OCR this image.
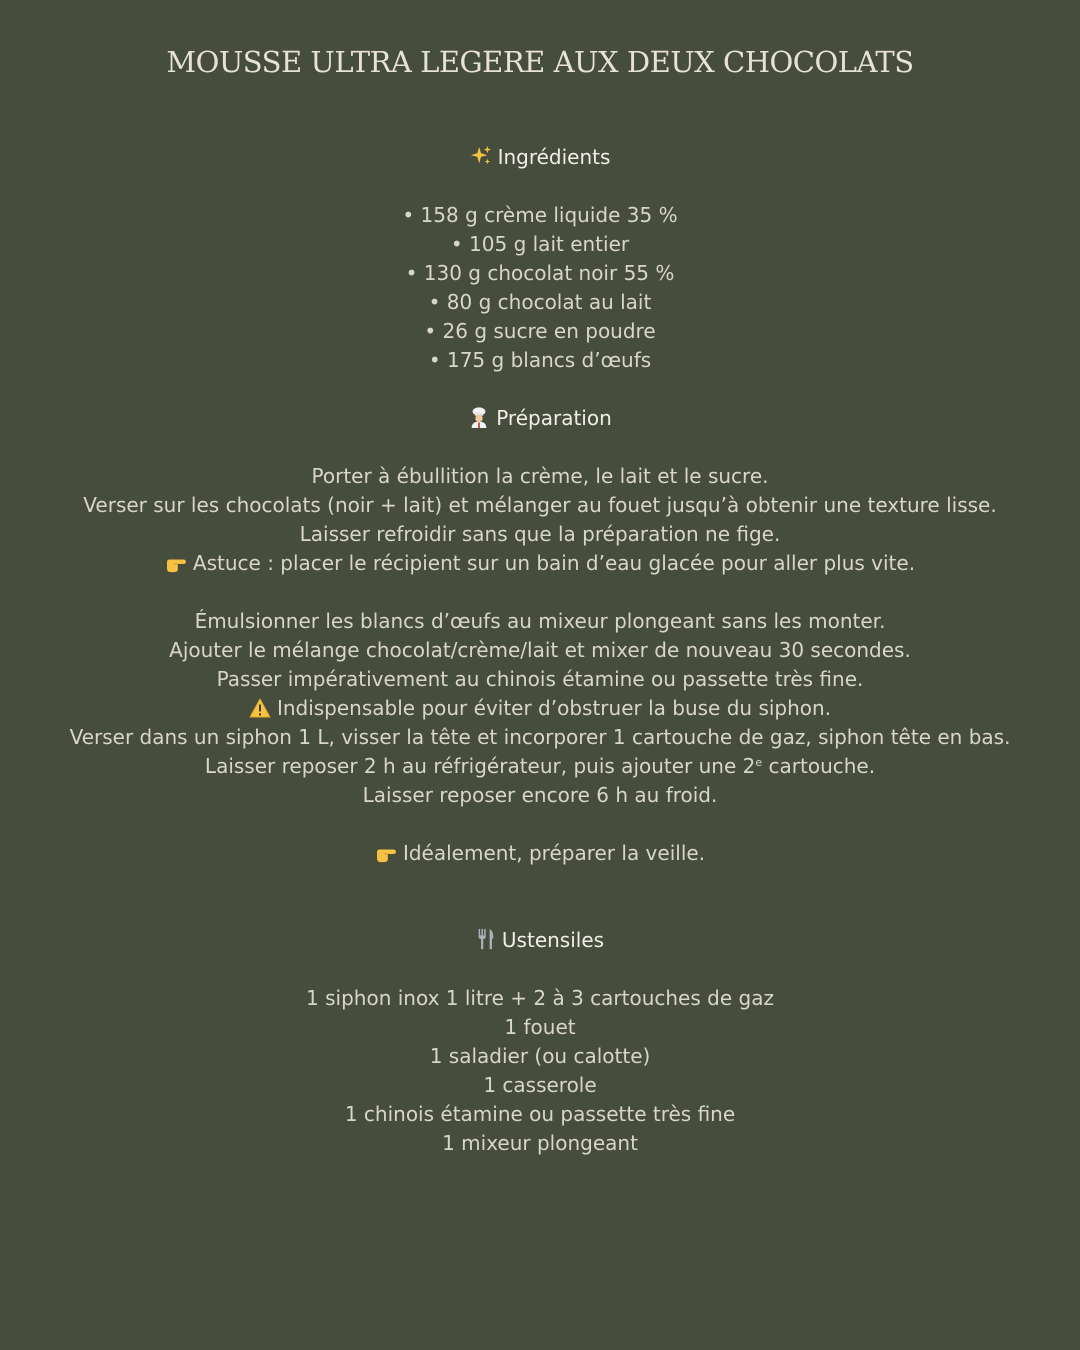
MOUSSE ULTRA LEGERE AUX DEUX CHOCOLATS
Ingrédients

• 158 g crème liquide 35 %
• 105 g lait entier
• 130 g chocolat noir 55 %
• 80 g chocolat au lait
• 26 g sucre en poudre
• 175 g blancs d’œufs
Préparation

Porter à ébullition la crème, le lait et le sucre.
Verser sur les chocolats (noir + lait) et mélanger au fouet jusqu’à obtenir une texture lisse.
Laisser refroidir sans que la préparation ne fige.
Astuce : placer le récipient sur un bain d’eau glacée pour aller plus vite.

Émulsionner les blancs d’œufs au mixeur plongeant sans les monter.
Ajouter le mélange chocolat/crème/lait et mixer de nouveau 30 secondes.
Passer impérativement au chinois étamine ou passette très fine.
Indispensable pour éviter d’obstruer la buse du siphon.
Verser dans un siphon 1 L, visser la tête et incorporer 1 cartouche de gaz, siphon tête en bas.
Laisser reposer 2 h au réfrigérateur, puis ajouter une 2e cartouche.
Laisser reposer encore 6 h au froid.

Idéalement, préparer la veille.
Ustensiles

1 siphon inox 1 litre + 2 à 3 cartouches de gaz
1 fouet
1 saladier (ou calotte)
1 casserole
1 chinois étamine ou passette très fine
1 mixeur plongeant
